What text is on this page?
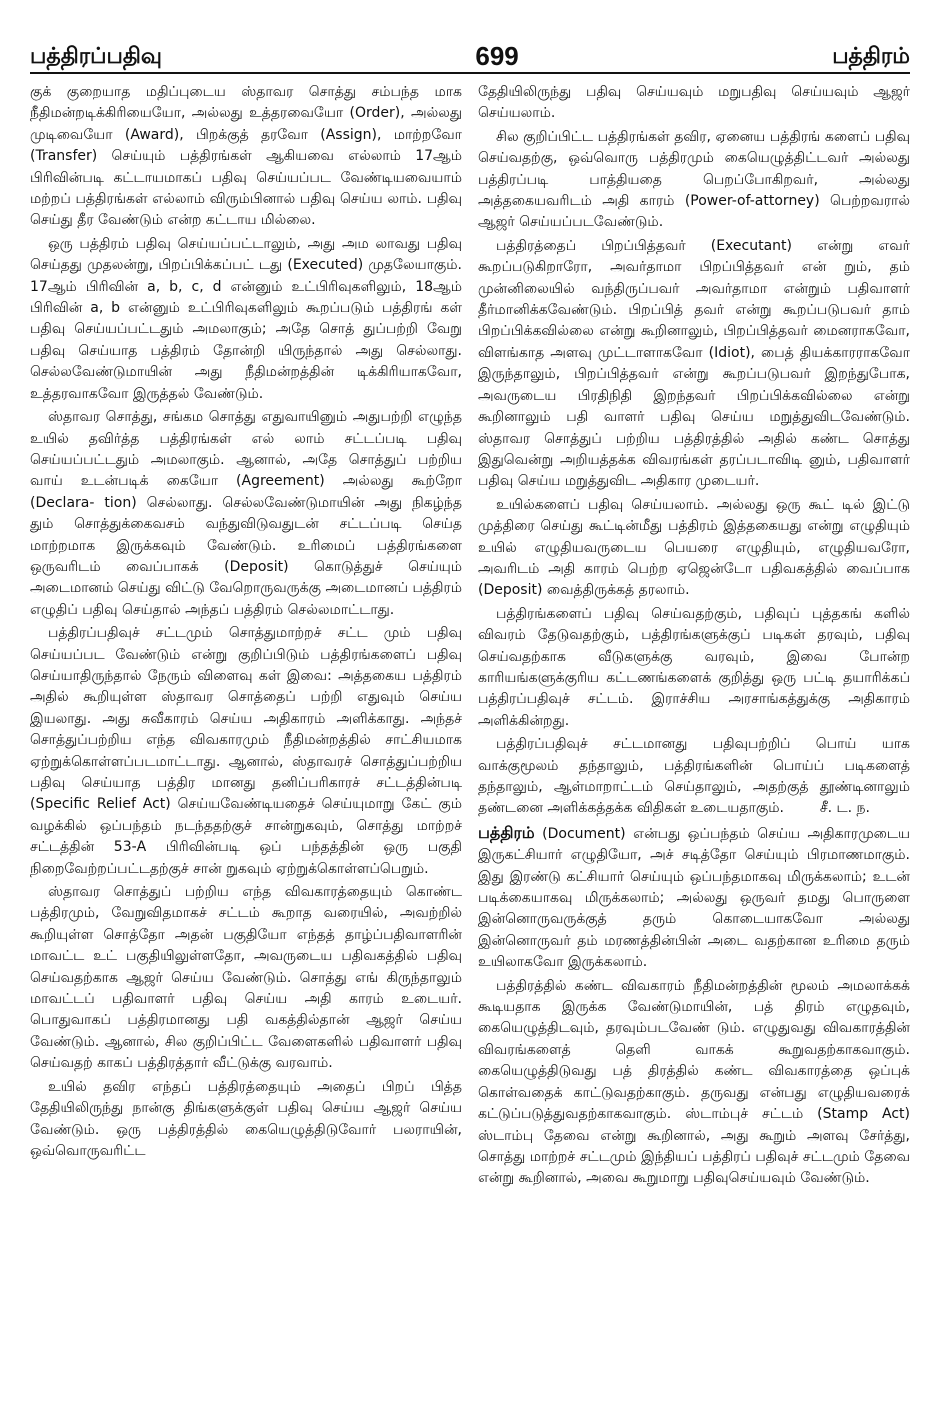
பத்திரப்பதிவு	699	பத்திரம்

குக் குறையாத மதிப்புடைய ஸ்தாவர சொத்து சம்பந்த மாக நீதிமன்றடிக்கிரியையோ, அல்லது உத்தரவையோ (Order), அல்லது முடிவையோ (Award), பிறக்குத் தரவோ (Assign), மாற்றவோ (Transfer) செய்யும் பத்திரங்கள் ஆகியவை எல்லாம் 17ஆம் பிரிவின்படி கட்டாயமாகப் பதிவு செய்யப்பட வேண்டியவையாம் மற்றப் பத்திரங்கள் எல்லாம் விரும்பினால் பதிவு செய்ய லாம். பதிவு செய்து தீர வேண்டும் என்ற கட்டாய மில்லை.

ஒரு பத்திரம் பதிவு செய்யப்பட்டாலும், அது அம லாவது பதிவு செய்தது முதலன்று, பிறப்பிக்கப்பட் டது (Executed) முதலேயாகும். 17ஆம் பிரிவின் a, b, c, d என்னும் உட்பிரிவுகளிலும், 18ஆம் பிரிவின் a, b என்னும் உட்பிரிவுகளிலும் கூறப்படும் பத்திரங் கள் பதிவு செய்யப்பட்டதும் அமலாகும்; அதே சொத் துப்பற்றி வேறு பதிவு செய்யாத பத்திரம் தோன்றி யிருந்தால் அது செல்லாது. செல்லவேண்டுமாயின் அது நீதிமன்றத்தின் டிக்கிரியாகவோ, உத்தரவாகவோ இருத்தல் வேண்டும்.

ஸ்தாவர சொத்து, சங்கம சொத்து எதுவாயினும் அதுபற்றி எழுந்த உயில் தவிர்த்த பத்திரங்கள் எல் லாம் சட்டப்படி பதிவு செய்யப்பட்டதும் அமலாகும். ஆனால், அதே சொத்துப் பற்றிய வாய் உடன்படிக் கையோ (Agreement) அல்லது கூற்றோ (Declara- tion) செல்லாது. செல்லவேண்டுமாயின் அது நிகழ்ந்த தும் சொத்துக்கைவசம் வந்துவிடுவதுடன் சட்டப்படி செய்த மாற்றமாக இருக்கவும் வேண்டும். உரிமைப் பத்திரங்களை ஒருவரிடம் வைப்பாகக் (Deposit) கொடுத்துச் செய்யும் அடைமானம் செய்து விட்டு வேறொருவருக்கு அடைமானப் பத்திரம் எழுதிப் பதிவு செய்தால் அந்தப் பத்திரம் செல்லமாட்டாது.

பத்திரப்பதிவுச் சட்டமும் சொத்துமாற்றச் சட்ட மும் பதிவு செய்யப்பட வேண்டும் என்று குறிப்பிடும் பத்திரங்களைப் பதிவு செய்யாதிருந்தால் நேரும் விளைவு கள் இவை: அத்தகைய பத்திரம் அதில் கூறியுள்ள ஸ்தாவர சொத்தைப் பற்றி எதுவும் செய்ய இயலாது. அது சுவீகாரம் செய்ய அதிகாரம் அளிக்காது. அந்தச் சொத்துப்பற்றிய எந்த விவகாரமும் நீதிமன்றத்தில் சாட்சியமாக ஏற்றுக்கொள்ளப்படமாட்டாது. ஆனால், ஸ்தாவரச் சொத்துப்பற்றிய பதிவு செய்யாத பத்திர மானது தனிப்பரிகாரச் சட்டத்தின்படி (Specific Relief Act) செய்யவேண்டியதைச் செய்யுமாறு கேட் கும் வழக்கில் ஒப்பந்தம் நடந்ததற்குச் சான்றுகவும், சொத்து மாற்றச் சட்டத்தின் 53-A பிரிவின்படி ஒப் பந்தத்தின் ஒரு பகுதி நிறைவேற்றப்பட்டதற்குச் சான் றுகவும் ஏற்றுக்கொள்ளப்பெறும்.

ஸ்தாவர சொத்துப் பற்றிய எந்த விவகாரத்தையும் கொண்ட பத்திரமும், வேறுவிதமாகச் சட்டம் கூறாத வரையில், அவற்றில் கூறியுள்ள சொத்தோ அதன் பகுதியோ எந்தத் தாழ்ப்பதிவாளரின் மாவட்ட உட் பகுதியிலுள்ளதோ, அவருடைய பதிவகத்தில் பதிவு செய்வதற்காக ஆஜர் செய்ய வேண்டும். சொத்து எங் கிருந்தாலும் மாவட்டப் பதிவாளர் பதிவு செய்ய அதி காரம் உடையர். பொதுவாகப் பத்திரமானது பதி வகத்தில்தான் ஆஜர் செய்ய வேண்டும். ஆனால், சில குறிப்பிட்ட வேளைகளில் பதிவாளர் பதிவு செய்வதற் காகப் பத்திரத்தார் வீட்டுக்கு வரவாம்.

உயில் தவிர எந்தப் பத்திரத்தையும் அதைப் பிறப் பித்த தேதியிலிருந்து நான்கு திங்களுக்குள் பதிவு செய்ய ஆஜர் செய்ய வேண்டும். ஒரு பத்திரத்தில் கையெழுத்திடுவோர் பலராயின், ஒவ்வொருவரிட்ட

தேதியிலிருந்து பதிவு செய்யவும் மறுபதிவு செய்யவும் ஆஜர் செய்யலாம்.

சில குறிப்பிட்ட பத்திரங்கள் தவிர, ஏனைய பத்திரங் களைப் பதிவு செய்வதற்கு, ஒவ்வொரு பத்திரமும் கையெழுத்திட்டவர் அல்லது பத்திரப்படி பாத்தியதை பெறப்போகிறவர், அல்லது அத்தகையவரிடம் அதி காரம் (Power-of-attorney) பெற்றவரால் ஆஜர் செய்யப்படவேண்டும்.

பத்திரத்தைப் பிறப்பித்தவர் (Executant) என்று எவர் கூறப்படுகிறாரோ, அவர்தாமா பிறப்பித்தவர் என் றும், தம் முன்னிலையில் வந்திருப்பவர் அவர்தாமா என்றும் பதிவாளர் தீர்மானிக்கவேண்டும். பிறப்பித் தவர் என்று கூறப்படுபவர் தாம் பிறப்பிக்கவில்லை என்று கூறினாலும், பிறப்பித்தவர் மைனராகவோ, விளங்காத அளவு முட்டாளாகவோ (Idiot), பைத் தியக்காரராகவோ இருந்தாலும், பிறப்பித்தவர் என்று கூறப்படுபவர் இறந்துபோக, அவருடைய பிரதிநிதி இறந்தவர் பிறப்பிக்கவில்லை என்று கூறினாலும் பதி வாளர் பதிவு செய்ய மறுத்துவிடவேண்டும். ஸ்தாவர சொத்துப் பற்றிய பத்திரத்தில் அதில் கண்ட சொத்து இதுவென்று அறியத்தக்க விவரங்கள் தரப்படாவிடி னும், பதிவாளர் பதிவு செய்ய மறுத்துவிட அதிகார முடையர்.

உயில்களைப் பதிவு செய்யலாம். அல்லது ஒரு கூட் டில் இட்டு முத்திரை செய்து கூட்டின்மீது பத்திரம் இத்தகையது என்று எழுதியும் உயில் எழுதியவருடைய பெயரை எழுதியும், எழுதியவரோ, அவரிடம் அதி காரம் பெற்ற ஏஜென்டோ பதிவகத்தில் வைப்பாக (Deposit) வைத்திருக்கத் தரலாம்.

பத்திரங்களைப் பதிவு செய்வதற்கும், பதிவுப் புத்தகங் களில் விவரம் தேடுவதற்கும், பத்திரங்களுக்குப் படிகள் தரவும், பதிவு செய்வதற்காக வீடுகளுக்கு வரவும், இவை போன்ற காரியங்களுக்குரிய கட்டணங்களைக் குறித்து ஒரு பட்டி தயாரிக்கப் பத்திரப்பதிவுச் சட்டம். இராச்சிய அரசாங்கத்துக்கு அதிகாரம் அளிக்கின்றது.

பத்திரப்பதிவுச் சட்டமானது பதிவுபற்றிப் பொய் யாக வாக்குமூலம் தந்தாலும், பத்திரங்களின் பொய்ப் படிகளைத் தந்தாலும், ஆள்மாறாட்டம் செய்தாலும், அதற்குத் தூண்டினாலும் தண்டனை அளிக்கத்தக்க விதிகள் உடையதாகும்.	சீ. ட. ந.

பத்திரம் (Document) என்பது ஒப்பந்தம் செய்ய அதிகாரமுடைய இருகட்சியார் எழுதியோ, அச் சடித்தோ செய்யும் பிரமாணமாகும். இது இரண்டு கட்சியார் செய்யும் ஒப்பந்தமாகவு மிருக்கலாம்; உடன் படிக்கையாகவு மிருக்கலாம்; அல்லது ஒருவர் தமது பொருளை இன்னொருவருக்குத் தரும் கொடையாகவோ அல்லது இன்னொருவர் தம் மரணத்தின்பின் அடை வதற்கான உரிமை தரும் உயிலாகவோ இருக்கலாம்.

பத்திரத்தில் கண்ட விவகாரம் நீதிமன்றத்தின் மூலம் அமலாக்கக் கூடியதாக இருக்க வேண்டுமாயின், பத் திரம் எழுதவும், கையெழுத்திடவும், தரவும்படவேண் டும். எழுதுவது விவகாரத்தின் விவரங்களைத் தெளி வாகக் கூறுவதற்காகவாகும். கையெழுத்திடுவது பத் திரத்தில் கண்ட விவகாரத்தை ஒப்புக் கொள்வதைக் காட்டுவதற்காகும். தருவது என்பது எழுதியவரைக் கட்டுப்படுத்துவதற்காகவாகும். ஸ்டாம்புச் சட்டம் (Stamp Act) ஸ்டாம்பு தேவை என்று கூறினால், அது கூறும் அளவு சேர்த்து, சொத்து மாற்றச் சட்டமும் இந்தியப் பத்திரப் பதிவுச் சட்டமும் தேவை என்று கூறினால், அவை கூறுமாறு பதிவுசெய்யவும் வேண்டும்.
